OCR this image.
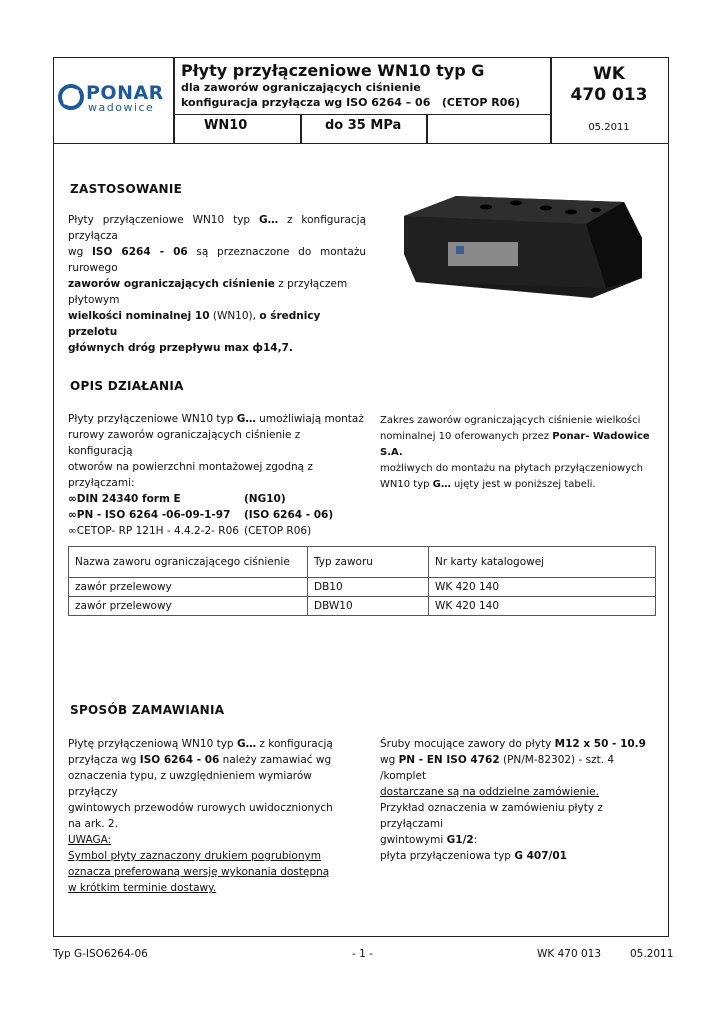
PONAR
wadowice
Płyty przyłączeniowe WN10 typ G
dla zaworów ograniczających ciśnienie
konfiguracja przyłącza wg ISO 6264 – 06 (CETOP R06)
WN10	do 35 MPa
WK
470 013
05.2011
ZASTOSOWANIE
Płyty przyłączeniowe WN10 typ G… z konfiguracją przyłącza
wg ISO 6264 - 06 są przeznaczone do montażu rurowego
zaworów ograniczających ciśnienie z przyłączem płytowym
wielkości nominalnej 10 (WN10), o średnicy przelotu
głównych dróg przepływu max ф14,7.
OPIS DZIAŁANIA
Płyty przyłączeniowe WN10 typ G… umożliwiają montaż
rurowy zaworów ograniczających ciśnienie z konfiguracją
otworów na powierzchni montażowej zgodną z
przyłączami:
∞DIN 24340 form E	(NG10)
∞PN - ISO 6264 -06-09-1-97 (ISO 6264 - 06)
∞CETOP- RP 121H - 4.4.2-2- R06 (CETOP R06)
Zakres zaworów ograniczających ciśnienie wielkości
nominalnej 10 oferowanych przez Ponar- Wadowice S.A.
możliwych do montażu na płytach przyłączeniowych
WN10 typ G… ujęty jest w poniższej tabeli.
Nazwa zaworu ograniczającego ciśnienie	Typ zaworu	Nr karty katalogowej
zawór przelewowy	DB10	WK 420 140
zawór przelewowy	DBW10	WK 420 140
SPOSÓB ZAMAWIANIA
Płytę przyłączeniową WN10 typ G… z konfiguracją
przyłącza wg ISO 6264 - 06 należy zamawiać wg
oznaczenia typu, z uwzględnieniem wymiarów przyłączy
gwintowych przewodów rurowych uwidocznionych
na ark. 2.
UWAGA:
Symbol płyty zaznaczony drukiem pogrubionym
oznacza preferowaną wersję wykonania dostępną
w krótkim terminie dostawy.
Śruby mocujące zawory do płyty M12 x 50 - 10.9
wg PN - EN ISO 4762 (PN/M-82302) - szt. 4 /komplet
dostarczane są na oddzielne zamówienie.
Przykład oznaczenia w zamówieniu płyty z przyłączami
gwintowymi G1/2:
płyta przyłączeniowa typ G 407/01
Typ G-ISO6264-06	- 1 -	WK 470 013	05.2011
